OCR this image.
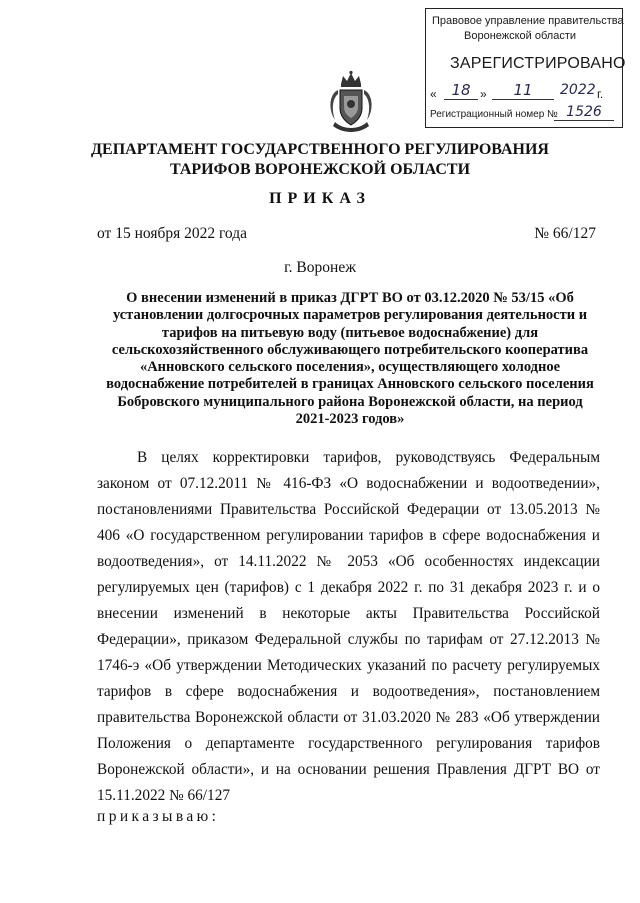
Правовое управление правительства
Воронежской области
ЗАРЕГИСТРИРОВАНО
« 18 »	11	2022 г.
Регистрационный номер № 1526
ДЕПАРТАМЕНТ ГОСУДАРСТВЕННОГО РЕГУЛИРОВАНИЯ
ТАРИФОВ ВОРОНЕЖСКОЙ ОБЛАСТИ
ПРИКАЗ
от 15 ноября 2022 года	№ 66/127
г. Воронеж

О внесении изменений в приказ ДГРТ ВО от 03.12.2020 № 53/15 «Об установлении долгосрочных параметров регулирования деятельности и тарифов на питьевую воду (питьевое водоснабжение) для сельскохозяйственного обслуживающего потребительского кооператива «Анновского сельского поселения», осуществляющего холодное водоснабжение потребителей в границах Анновского сельского поселения Бобровского муниципального района Воронежской области, на период 2021-2023 годов»

В целях корректировки тарифов, руководствуясь Федеральным законом от 07.12.2011 № 416-ФЗ «О водоснабжении и водоотведении», постановлениями Правительства Российской Федерации от 13.05.2013 № 406 «О государственном регулировании тарифов в сфере водоснабжения и водоотведения», от 14.11.2022 № 2053 «Об особенностях индексации регулируемых цен (тарифов) с 1 декабря 2022 г. по 31 декабря 2023 г. и о внесении изменений в некоторые акты Правительства Российской Федерации», приказом Федеральной службы по тарифам от 27.12.2013 № 1746-э «Об утверждении Методических указаний по расчету регулируемых тарифов в сфере водоснабжения и водоотведения», постановлением правительства Воронежской области от 31.03.2020 № 283 «Об утверждении Положения о департаменте государственного регулирования тарифов Воронежской области», и на основании решения Правления ДГРТ ВО от 15.11.2022 № 66/127

приказываю:
